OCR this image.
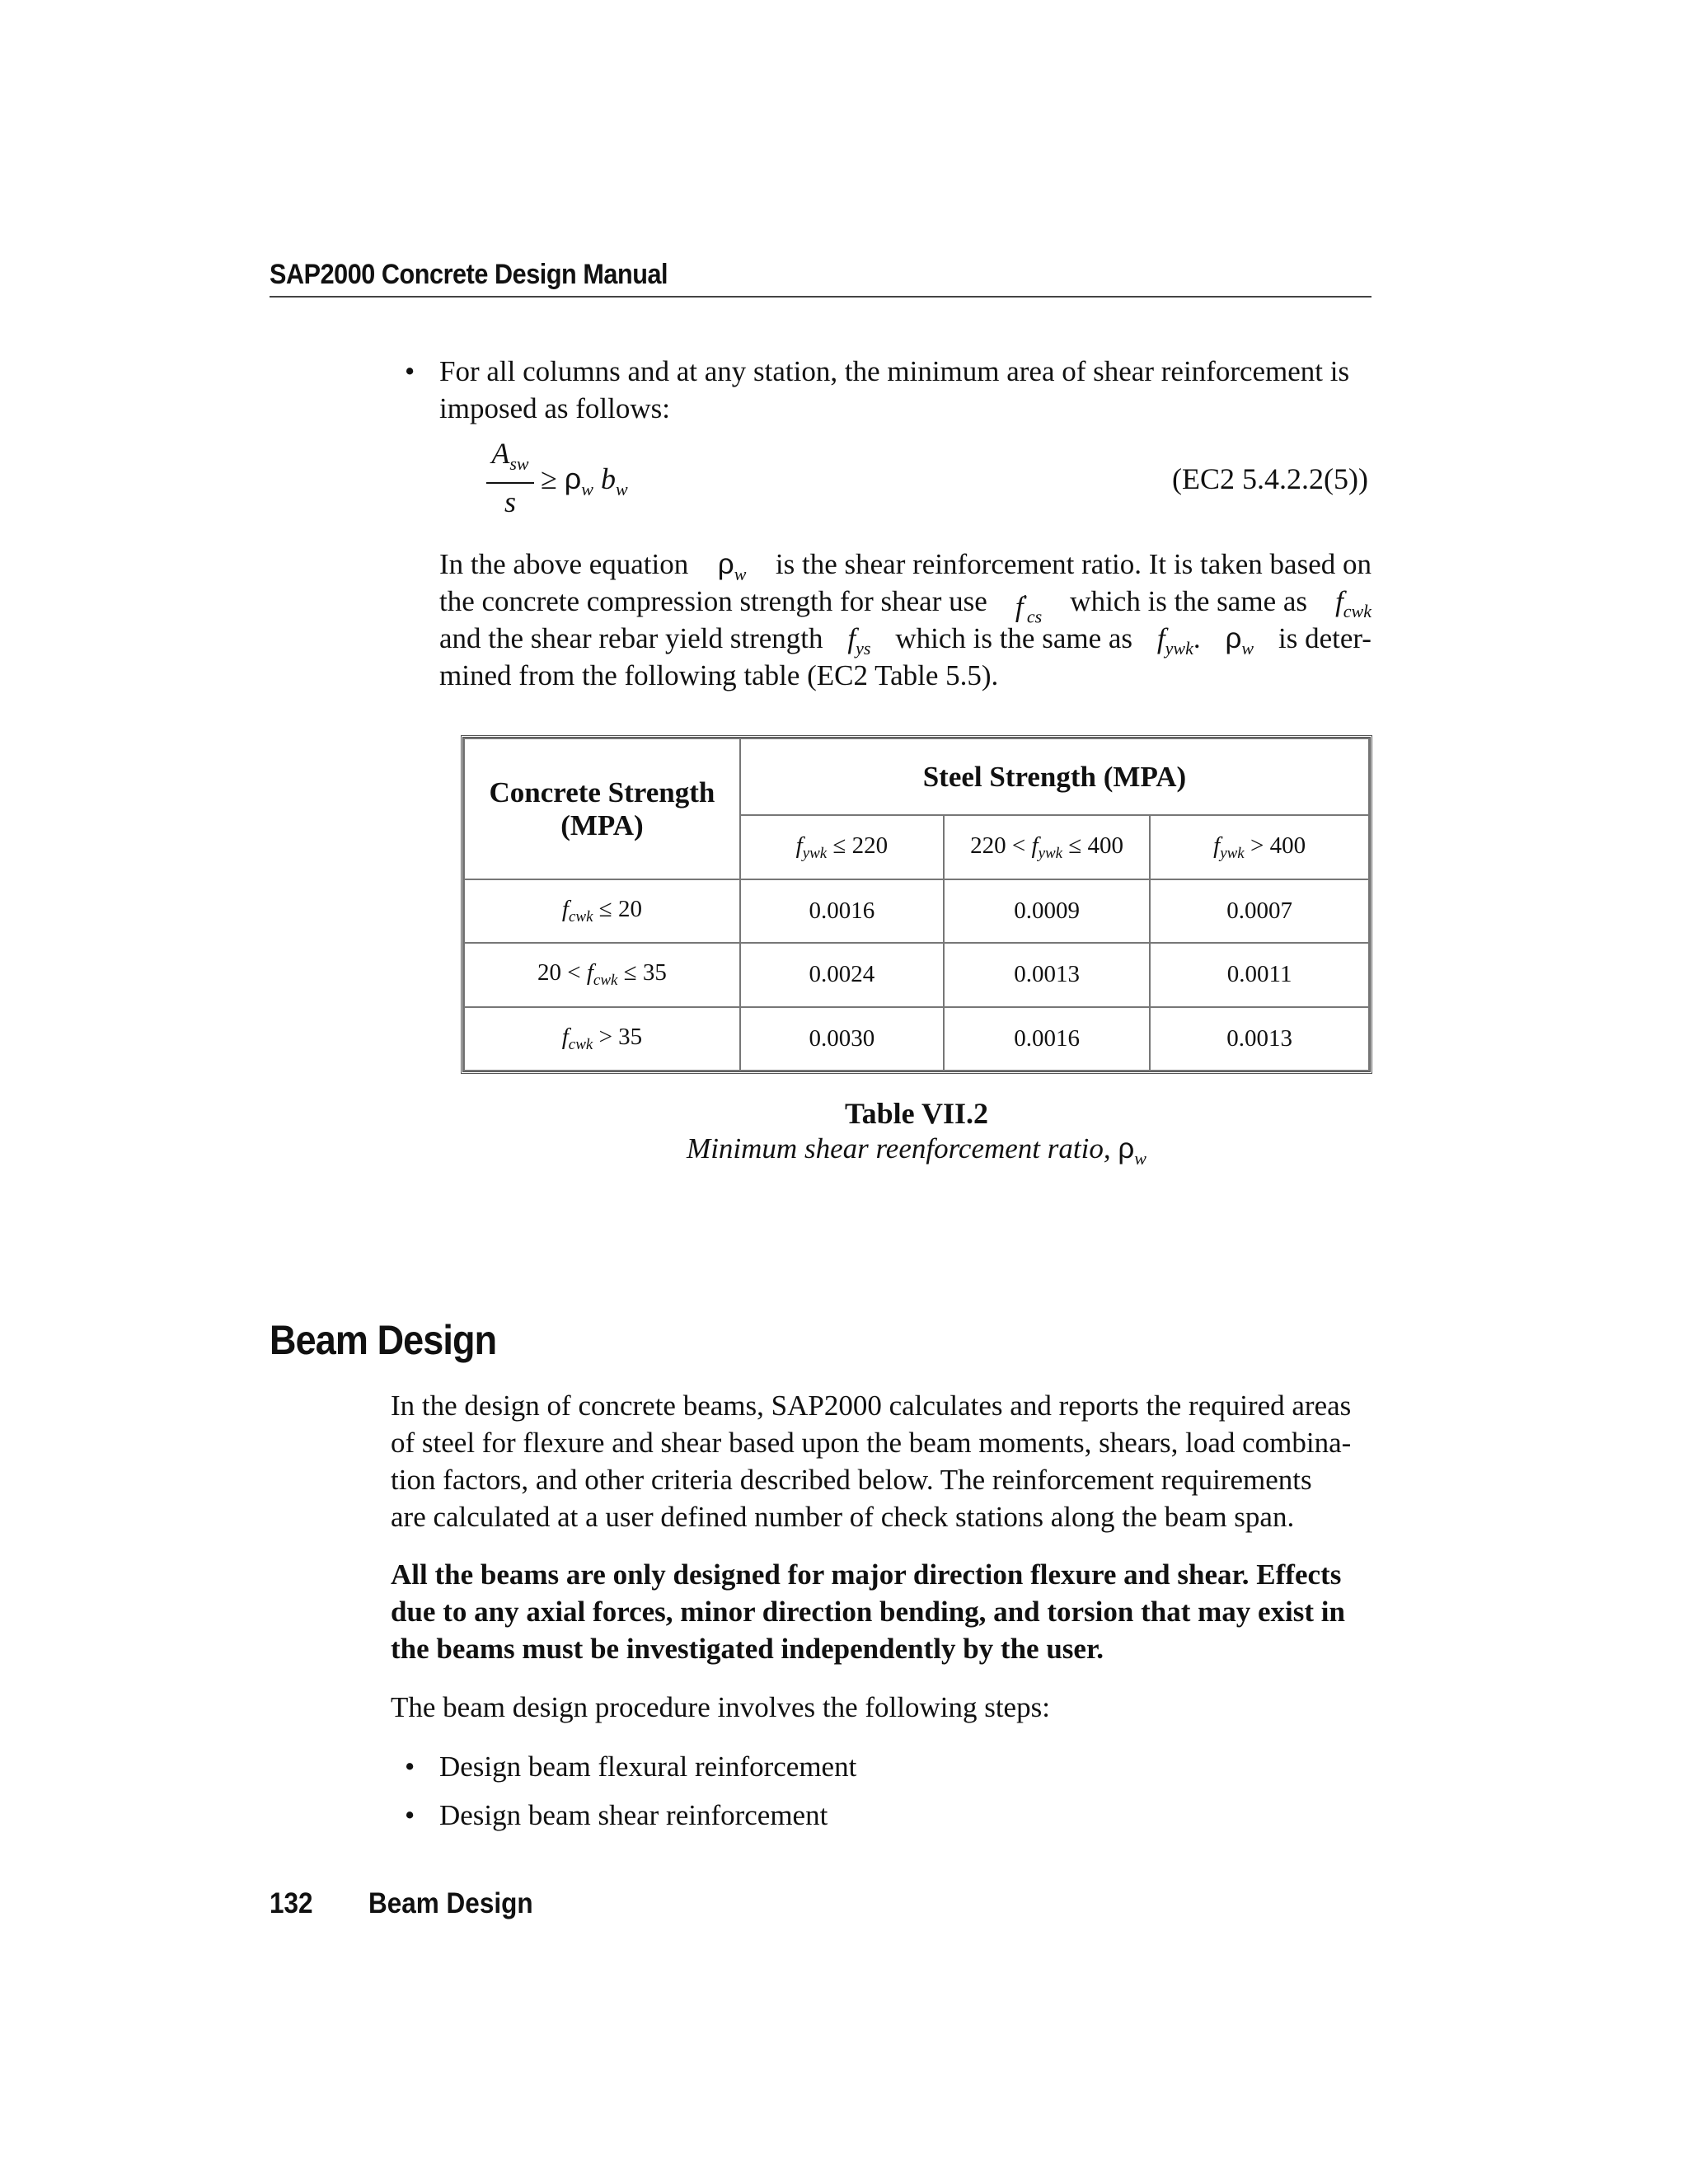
SAP2000 Concrete Design Manual
• For all columns and at any station, the minimum area of shear reinforcement is
imposed as follows:
$A_{sw}$
s
≥ $\rho_w$ $b_w$	(EC2 5.4.2.2(5))
In the above equation $\rho_w$ is the shear reinforcement ratio. It is taken based on
the concrete compression strength for shear use $f'_{cs}$ which is the same as $f_{cwk}$
and the shear rebar yield strength $f_{ys}$ which is the same as $f_{ywk}$. $\rho_w$ is deter-
mined from the following table (EC2 Table 5.5).
Concrete Strength
(MPA)	Steel Strength (MPA)		
	$f_{ywk} \le 220$	$220 < f_{ywk} \le 400$	$f_{ywk} > 400$
$f_{cwk} \le 20$	0.0016	0.0009	0.0007
$20 < f_{cwk} \le 35$	0.0024	0.0013	0.0011
$f_{cwk} > 35$	0.0030	0.0016	0.0013
Table VII.2
Minimum shear reenforcement ratio, $\rho_w$
Beam Design
In the design of concrete beams, SAP2000 calculates and reports the required areas
of steel for flexure and shear based upon the beam moments, shears, load combina-
tion factors, and other criteria described below. The reinforcement requirements
are calculated at a user defined number of check stations along the beam span.
All the beams are only designed for major direction flexure and shear. Effects
due to any axial forces, minor direction bending, and torsion that may exist in
the beams must be investigated independently by the user.
The beam design procedure involves the following steps:
• Design beam flexural reinforcement
• Design beam shear reinforcement
132 Beam Design
